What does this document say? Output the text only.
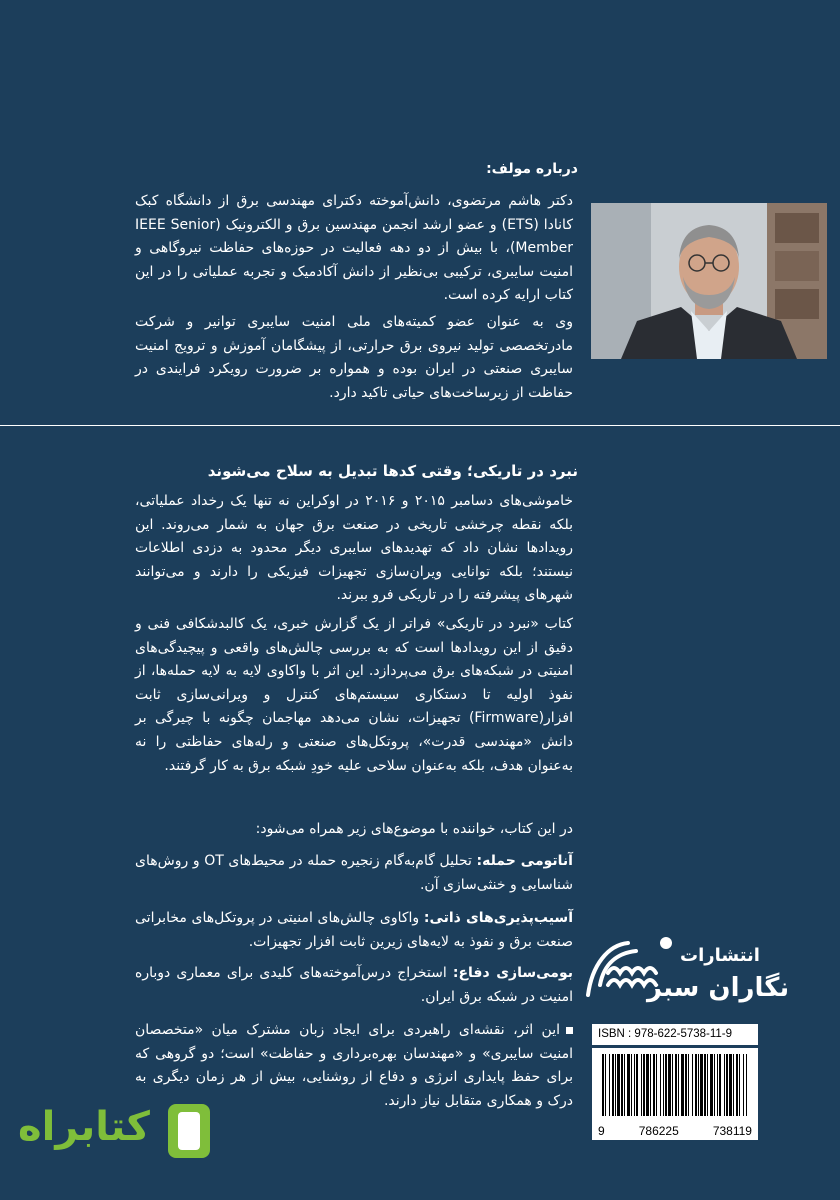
درباره مولف:
دکتر هاشم مرتضوی، دانش‌آموخته دکترای مهندسی برق از دانشگاه کبک کانادا (ETS) و عضو ارشد انجمن مهندسین برق و الکترونیک (IEEE Senior Member)، با بیش از دو دهه فعالیت در حوزه‌های حفاظت نیروگاهی و امنیت سایبری، ترکیبی بی‌نظیر از دانش آکادمیک و تجربه عملیاتی را در این کتاب ارایه کرده است.
وی به عنوان عضو کمیته‌های ملی امنیت سایبری توانیر و شرکت مادرتخصصی تولید نیروی برق حرارتی، از پیشگامان آموزش و ترویج امنیت سایبری صنعتی در ایران بوده و همواره بر ضرورت رویکرد فرایندی در حفاظت از زیرساخت‌های حیاتی تاکید دارد.
نبرد در تاریکی؛ وقتی کدها تبدیل به سلاح می‌شوند
خاموشی‌های دسامبر ۲۰۱۵ و ۲۰۱۶ در اوکراین نه تنها یک رخداد عملیاتی، بلکه نقطه چرخشی تاریخی در صنعت برق جهان به شمار می‌روند. این رویدادها نشان داد که تهدیدهای سایبری دیگر محدود به دزدی اطلاعات نیستند؛ بلکه توانایی ویران‌سازی تجهیزات فیزیکی را دارند و می‌توانند شهرهای پیشرفته را در تاریکی فرو ببرند.
کتاب «نبرد در تاریکی» فراتر از یک گزارش خبری، یک کالبدشکافی فنی و دقیق از این رویدادها است که به بررسی چالش‌های واقعی و پیچیدگی‌های امنیتی در شبکه‌های برق می‌پردازد. این اثر با واکاوی لایه به لایه حمله‌ها، از نفوذ اولیه تا دستکاری سیستم‌های کنترل و ویرانی‌سازی ثابت افزار(Firmware) تجهیزات، نشان می‌دهد مهاجمان چگونه با چیرگی بر دانش «مهندسی قدرت»، پروتکل‌های صنعتی و رله‌های حفاظتی را نه به‌عنوان هدف، بلکه به‌عنوان سلاحی علیه خودِ شبکه برق به کار گرفتند.
در این کتاب، خواننده با موضوع‌های زیر همراه می‌شود:
آناتومی حمله: تحلیل گام‌به‌گام زنجیره حمله در محیط‌های OT و روش‌های شناسایی و خنثی‌سازی آن.
آسیب‌پذیری‌های ذاتی: واکاوی چالش‌های امنیتی در پروتکل‌های مخابراتی صنعت برق و نفوذ به لایه‌های زیرین ثابت افزار تجهیزات.
بومی‌سازی دفاع: استخراج درس‌آموخته‌های کلیدی برای معماری دوباره امنیت در شبکه برق ایران.
این اثر، نقشه‌ای راهبردی برای ایجاد زبان مشترک میان «متخصصان امنیت سایبری» و «مهندسان بهره‌برداری و حفاظت» است؛ دو گروهی که برای حفظ پایداری انرژی و دفاع از روشنایی، بیش از هر زمان دیگری به درک و همکاری متقابل نیاز دارند.
انتشارات
نگاران سبز
ISBN : 978-622-5738-11-9
9	786225	738119
کتابراه
